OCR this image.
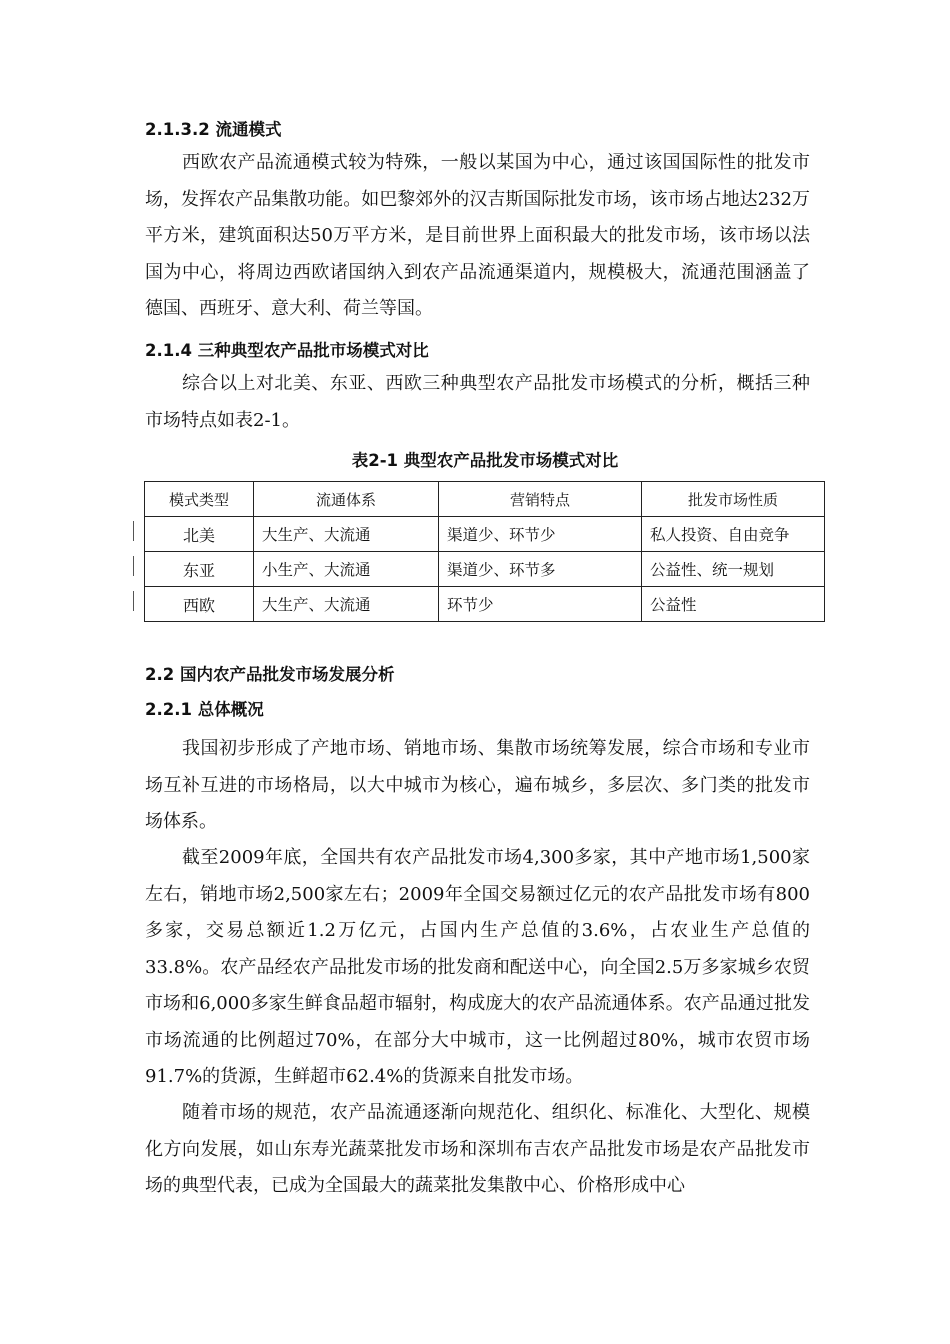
2.1.3.2 流通模式

西欧农产品流通模式较为特殊，一般以某国为中心，通过该国国际性的批发市场，发挥农产品集散功能。如巴黎郊外的汉吉斯国际批发市场，该市场占地达232万平方米，建筑面积达50万平方米，是目前世界上面积最大的批发市场，该市场以法国为中心，将周边西欧诸国纳入到农产品流通渠道内，规模极大，流通范围涵盖了德国、西班牙、意大利、荷兰等国。

2.1.4 三种典型农产品批市场模式对比

综合以上对北美、东亚、西欧三种典型农产品批发市场模式的分析，概括三种市场特点如表2-1。

表2-1 典型农产品批发市场模式对比
模式类型	流通体系	营销特点	批发市场性质
北美	大生产、大流通	渠道少、环节少	私人投资、自由竞争
东亚	小生产、大流通	渠道少、环节多	公益性、统一规划
西欧	大生产、大流通	环节少	公益性
2.2 国内农产品批发市场发展分析
2.2.1 总体概况

我国初步形成了产地市场、销地市场、集散市场统筹发展，综合市场和专业市场互补互进的市场格局，以大中城市为核心，遍布城乡，多层次、多门类的批发市场体系。

截至2009年底，全国共有农产品批发市场4,300多家，其中产地市场1,500家左右，销地市场2,500家左右；2009年全国交易额过亿元的农产品批发市场有800多家，交易总额近1.2万亿元，占国内生产总值的3.6%，占农业生产总值的33.8%。农产品经农产品批发市场的批发商和配送中心，向全国2.5万多家城乡农贸市场和6,000多家生鲜食品超市辐射，构成庞大的农产品流通体系。农产品通过批发市场流通的比例超过70%，在部分大中城市，这一比例超过80%，城市农贸市场91.7%的货源，生鲜超市62.4%的货源来自批发市场。

随着市场的规范，农产品流通逐渐向规范化、组织化、标准化、大型化、规模化方向发展，如山东寿光蔬菜批发市场和深圳布吉农产品批发市场是农产品批发市场的典型代表，已成为全国最大的蔬菜批发集散中心、价格形成中心
